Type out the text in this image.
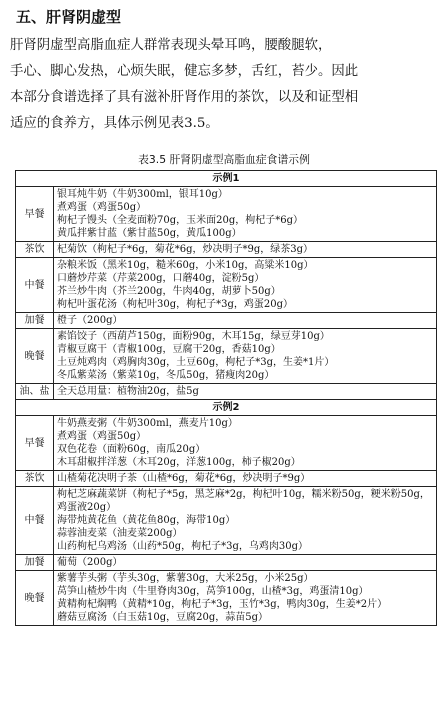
五、肝肾阴虚型
肝肾阴虚型高脂血症人群常表现头晕耳鸣，腰酸腿软，
手心、脚心发热，心烦失眠，健忘多梦，舌红，苔少。因此
本部分食谱选择了具有滋补肝肾作用的茶饮，以及和证型相
适应的食养方，具体示例见表3.5。
表3.5 肝肾阴虚型高脂血症食谱示例
示例1	
早餐	银耳炖牛奶（牛奶300ml，银耳10g）
煮鸡蛋（鸡蛋50g）
枸杞子馒头（全麦面粉70g，玉米面20g，枸杞子*6g）
黄瓜拌紫甘蓝（紫甘蓝50g，黄瓜100g）

茶饮	杞菊饮（枸杞子*6g，菊花*6g，炒决明子*9g，绿茶3g）

中餐	杂粮米饭（黑米10g，糙米60g，小米10g，高粱米10g）
口蘑炒芹菜（芹菜200g，口蘑40g，淀粉5g）
芥兰炒牛肉（芥兰200g，牛肉40g，胡萝卜50g）
枸杞叶蛋花汤（枸杞叶30g，枸杞子*3g，鸡蛋20g）

加餐	橙子（200g）

晚餐	素馅饺子（西葫芦150g，面粉90g，木耳15g，绿豆芽10g）
青椒豆腐干（青椒100g，豆腐干20g，香菇10g）
土豆炖鸡肉（鸡胸肉30g，土豆60g，枸杞子*3g，生姜*1片）
冬瓜紫菜汤（紫菜10g，冬瓜50g，猪瘦肉20g）

油、盐	全天总用量：植物油20g，盐5g

示例2	
早餐	牛奶燕麦粥（牛奶300ml，燕麦片10g）
煮鸡蛋（鸡蛋50g）
双色花卷（面粉60g，南瓜20g）
木耳甜椒拌洋葱（木耳20g，洋葱100g，柿子椒20g）

茶饮	山楂菊花决明子茶（山楂*6g，菊花*6g，炒决明子*9g）

中餐	枸杞芝麻蔬菜饼（枸杞子*5g，黑芝麻*2g，枸杞叶10g，糯米粉50g，粳米粉50g，鸡蛋液20g）
海带炖黄花鱼（黄花鱼80g，海带10g）
蒜蓉油麦菜（油麦菜200g）
山药枸杞乌鸡汤（山药*50g，枸杞子*3g，乌鸡肉30g）

加餐	葡萄（200g）

晚餐	紫薯芋头粥（芋头30g，紫薯30g，大米25g，小米25g）
莴笋山楂炒牛肉（牛里脊肉30g，莴笋100g，山楂*3g，鸡蛋清10g）
黄精枸杞焖鸭（黄精*10g，枸杞子*3g，玉竹*3g，鸭肉30g，生姜*2片）
蘑菇豆腐汤（白玉菇10g，豆腐20g，蒜苗5g）
